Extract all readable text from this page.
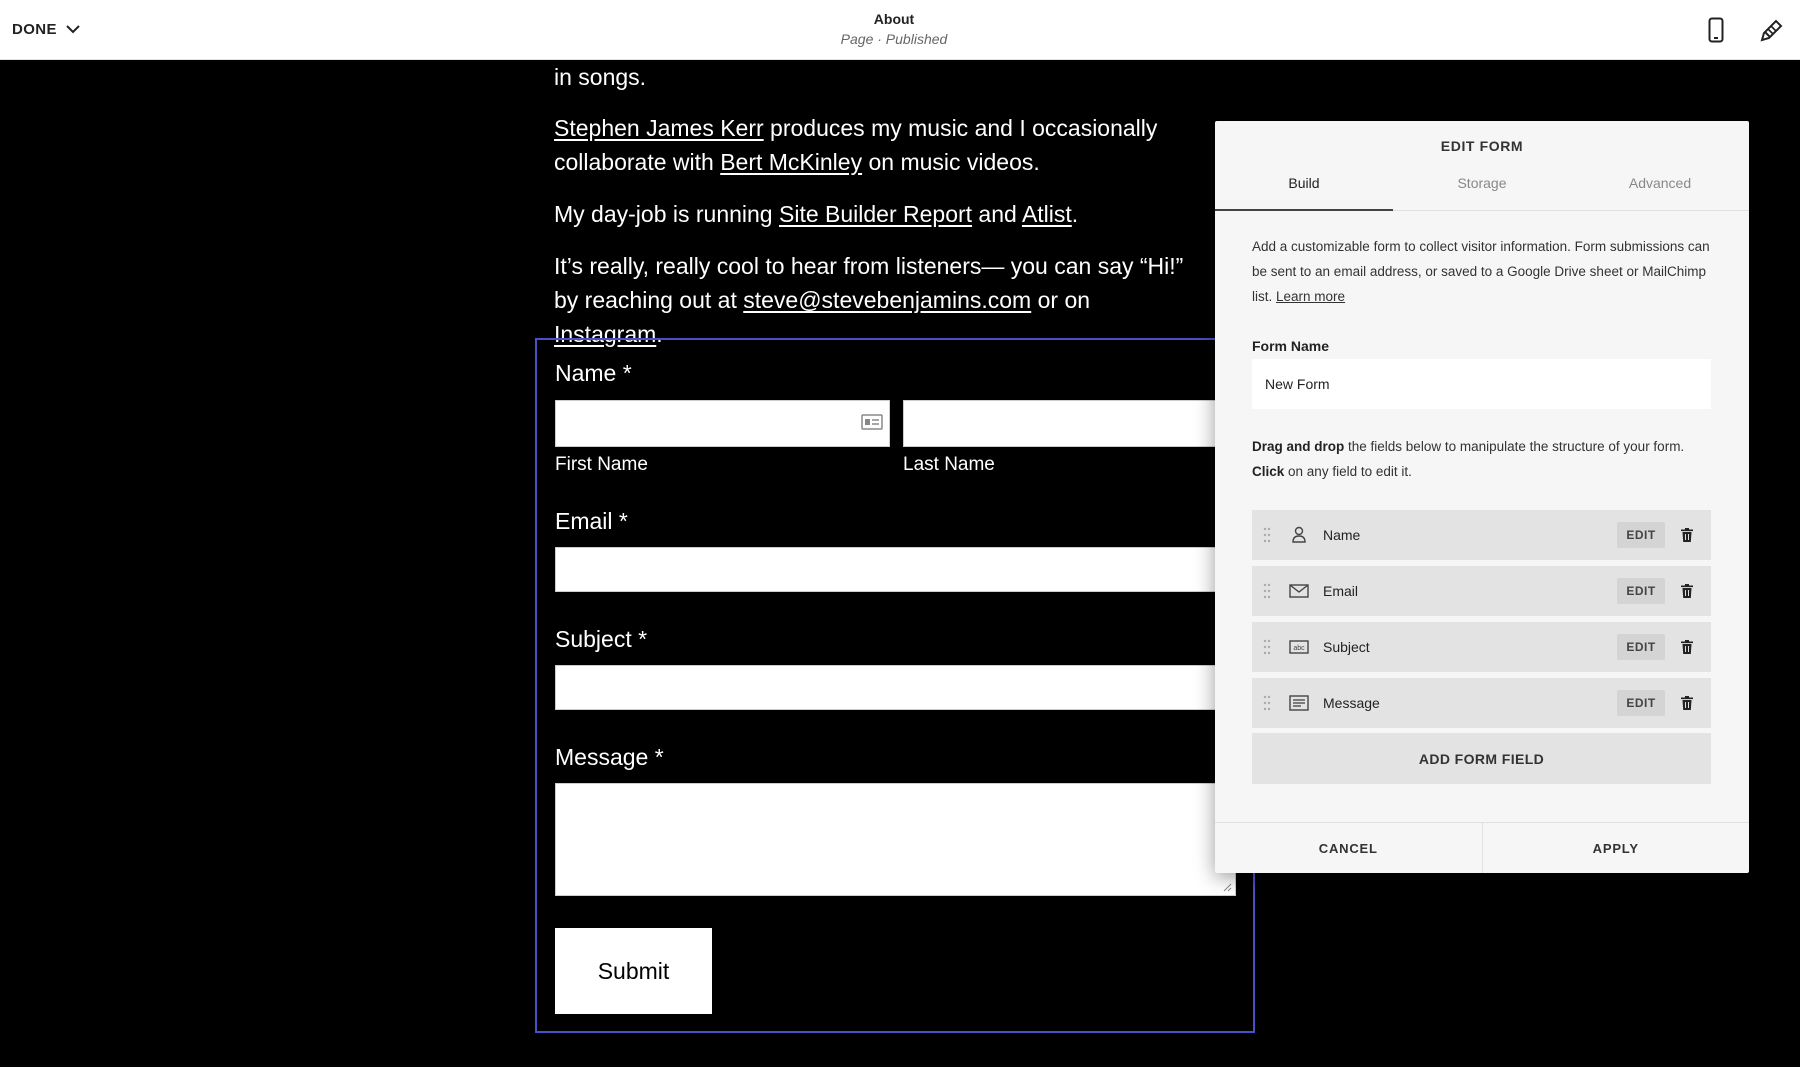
DONE
About
Page · Published
in songs.

Stephen James Kerr produces my music and I occasionally collaborate with Bert McKinley on music videos.

My day-job is running Site Builder Report and Atlist.

It’s really, really cool to hear from listeners— you can say “Hi!” by reaching out at steve@stevebenjamins.com or on Instagram.

Name *
First Name	Last Name
Email *
Subject *
Message *
Submit
EDIT FORM
Build	Storage	Advanced
Add a customizable form to collect visitor information. Form submissions can be sent to an email address, or saved to a Google Drive sheet or MailChimp list. Learn more
Form Name
New Form
Drag and drop the fields below to manipulate the structure of your form. Click on any field to edit it.
Name	EDIT
Email	EDIT
abc Subject	EDIT
Message	EDIT
ADD FORM FIELD
CANCEL	APPLY
